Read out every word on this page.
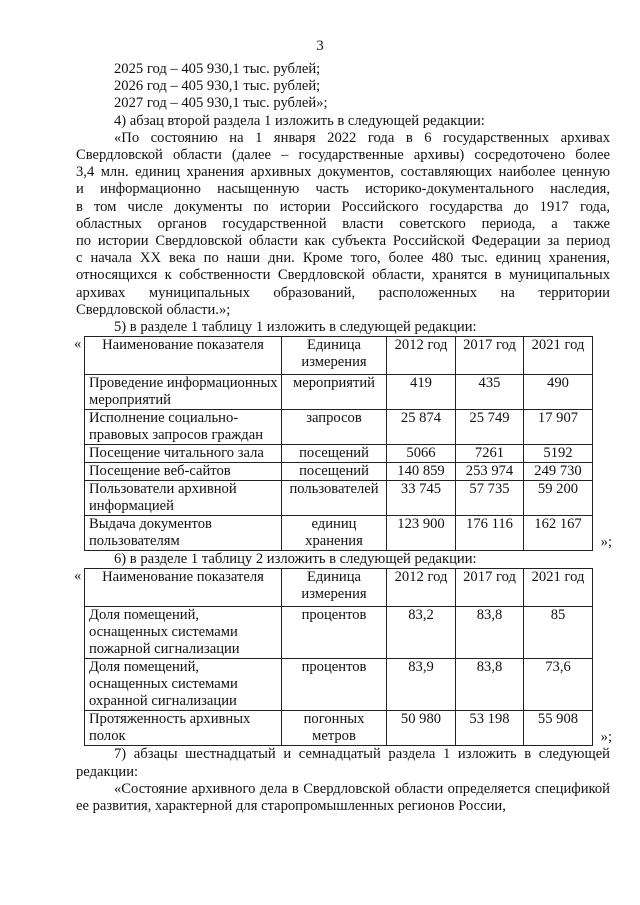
3

2025 год – 405 930,1 тыс. рублей;

2026 год – 405 930,1 тыс. рублей;

2027 год – 405 930,1 тыс. рублей»;

4) абзац второй раздела 1 изложить в следующей редакции:

«По состоянию на 1 января 2022 года в 6 государственных архивах

Свердловской области (далее – государственные архивы) сосредоточено более

3,4 млн. единиц хранения архивных документов, составляющих наиболее ценную

и информационно насыщенную часть историко-документального наследия,

в том числе документы по истории Российского государства до 1917 года,

областных органов государственной власти советского периода, а также

по истории Свердловской области как субъекта Российской Федерации за период

с начала XX века по наши дни. Кроме того, более 480 тыс. единиц хранения,

относящихся к собственности Свердловской области, хранятся в муниципальных

архивах муниципальных образований, расположенных на территории

Свердловской области.»;

5) в разделе 1 таблицу 1 изложить в следующей редакции:

« Наименование показателя	Единица измерения	2012 год	2017 год	2021 год
Проведение информационных мероприятий	мероприятий	419	435	490
Исполнение социально-правовых запросов граждан	запросов	25 874	25 749	17 907
Посещение читального зала	посещений	5066	7261	5192
Посещение веб-сайтов	посещений	140 859	253 974	249 730
Пользователи архивной информацией	пользователей	33 745	57 735	59 200
Выдача документов пользователям	единиц хранения	123 900	176 116	162 167
»;

6) в разделе 1 таблицу 2 изложить в следующей редакции:

« Наименование показателя	Единица измерения	2012 год	2017 год	2021 год
Доля помещений, оснащенных системами пожарной сигнализации	процентов	83,2	83,8	85
Доля помещений, оснащенных системами охранной сигнализации	процентов	83,9	83,8	73,6
Протяженность архивных полок	погонных метров	50 980	53 198	55 908
»;

7) абзацы шестнадцатый и семнадцатый раздела 1 изложить в следующей редакции:

«Состояние архивного дела в Свердловской области определяется спецификой ее развития, характерной для старопромышленных регионов России,
